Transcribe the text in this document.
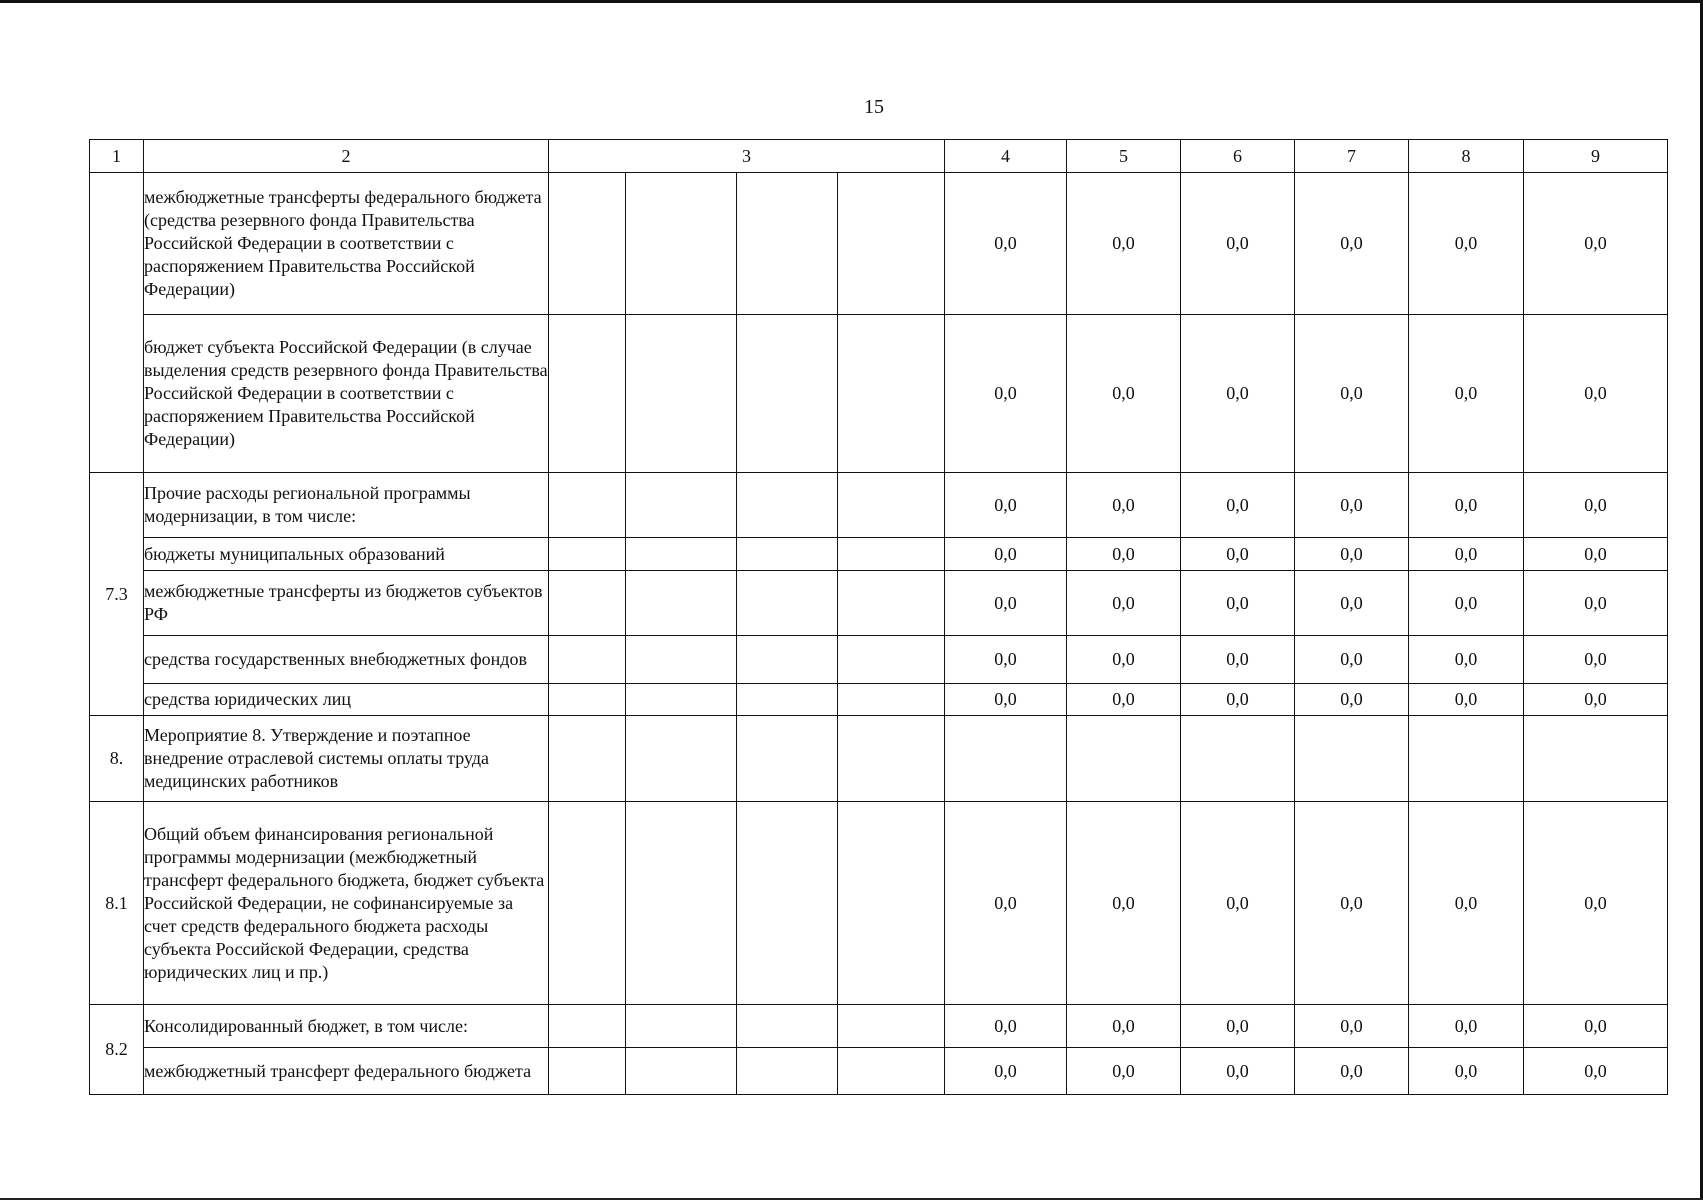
15
1	2	3				4	5	6	7	8	9
	межбюджетные трансферты федерального бюджета (средства резервного фонда Правительства Российской Федерации в соответствии с распоряжением Правительства Российской Федерации)					0,0	0,0	0,0	0,0	0,0	0,0
	бюджет субъекта Российской Федерации (в случае выделения средств резервного фонда Правительства Российской Федерации в соответствии с распоряжением Правительства Российской Федерации)					0,0	0,0	0,0	0,0	0,0	0,0
7.3	Прочие расходы региональной программы модернизации, в том числе:					0,0	0,0	0,0	0,0	0,0	0,0
	бюджеты муниципальных образований					0,0	0,0	0,0	0,0	0,0	0,0
	межбюджетные трансферты из бюджетов субъектов РФ					0,0	0,0	0,0	0,0	0,0	0,0
	средства государственных внебюджетных фондов					0,0	0,0	0,0	0,0	0,0	0,0
	средства юридических лиц					0,0	0,0	0,0	0,0	0,0	0,0
8.	Мероприятие 8. Утверждение и поэтапное внедрение отраслевой системы оплаты труда медицинских работников										
8.1	Общий объем финансирования региональной программы модернизации (межбюджетный трансферт федерального бюджета, бюджет субъекта Российской Федерации, не софинансируемые за счет средств федерального бюджета расходы субъекта Российской Федерации, средства юридических лиц и пр.)					0,0	0,0	0,0	0,0	0,0	0,0
8.2	Консолидированный бюджет, в том числе:					0,0	0,0	0,0	0,0	0,0	0,0
	межбюджетный трансферт федерального бюджета					0,0	0,0	0,0	0,0	0,0	0,0
